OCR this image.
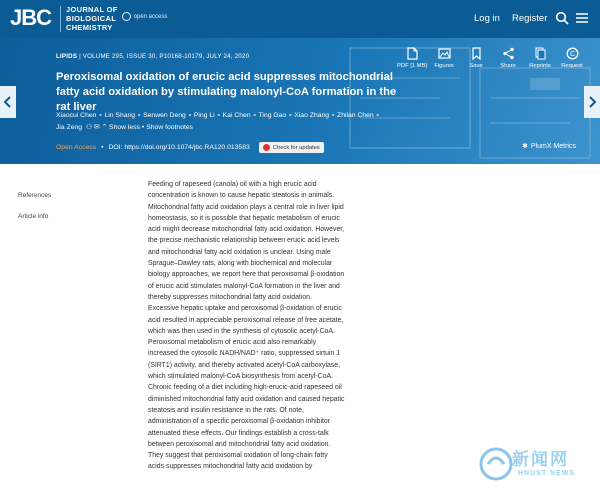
JBC JOURNAL OF
BIOLOGICAL
CHEMISTRY
open access	Log in Register
LIPIDS | VOLUME 295, ISSUE 30, P10168-10179, JULY 24, 2020
Peroxisomal oxidation of erucic acid suppresses mitochondrial fatty acid oxidation by stimulating malonyl-CoA formation in the rat liver
Xiaocui Chen ∘ Lin Shang ∘ Senwen Deng ∘ Ping Li ∘ Kai Chen ∘ Ting Gao ∘ Xiao Zhang ∘ Zhilan Chen ∘
Jia Zeng  ⚇ ✉ ⌃ Show less • Show footnotes
Open Access • DOI: https://doi.org/10.1074/jbc.RA120.013583	Check for updates
PDF [1 MB]	Figures	Save	Share	Reprints
C
Request
✱ PlumX Metrics
References
Article info
Feeding of rapeseed (canola) oil with a high erucic acid
concentration is known to cause hepatic steatosis in animals.
Mitochondrial fatty acid oxidation plays a central role in liver lipid
homeostasis, so it is possible that hepatic metabolism of erucic
acid might decrease mitochondrial fatty acid oxidation. However,
the precise mechanistic relationship between erucic acid levels
and mitochondrial fatty acid oxidation is unclear. Using male
Sprague–Dawley rats, along with biochemical and molecular
biology approaches, we report here that peroxisomal β-oxidation
of erucic acid stimulates malonyl-CoA formation in the liver and
thereby suppresses mitochondrial fatty acid oxidation.
Excessive hepatic uptake and peroxisomal β-oxidation of erucic
acid resulted in appreciable peroxisomal release of free acetate,
which was then used in the synthesis of cytosolic acetyl-CoA.
Peroxisomal metabolism of erucic acid also remarkably
increased the cytosolic NADH/NAD⁺ ratio, suppressed sirtuin 1
(SIRT1) activity, and thereby activated acetyl-CoA carboxylase,
which stimulated malonyl-CoA biosynthesis from acetyl-CoA.
Chronic feeding of a diet including high-erucic-acid rapeseed oil
diminished mitochondrial fatty acid oxidation and caused hepatic
steatosis and insulin resistance in the rats. Of note,
administration of a specific peroxisomal β-oxidation inhibitor
attenuated these effects. Our findings establish a cross-talk
between peroxisomal and mitochondrial fatty acid oxidation.
They suggest that peroxisomal oxidation of long-chain fatty
acids suppresses mitochondrial fatty acid oxidation by	新闻网
HNUST NEWS
